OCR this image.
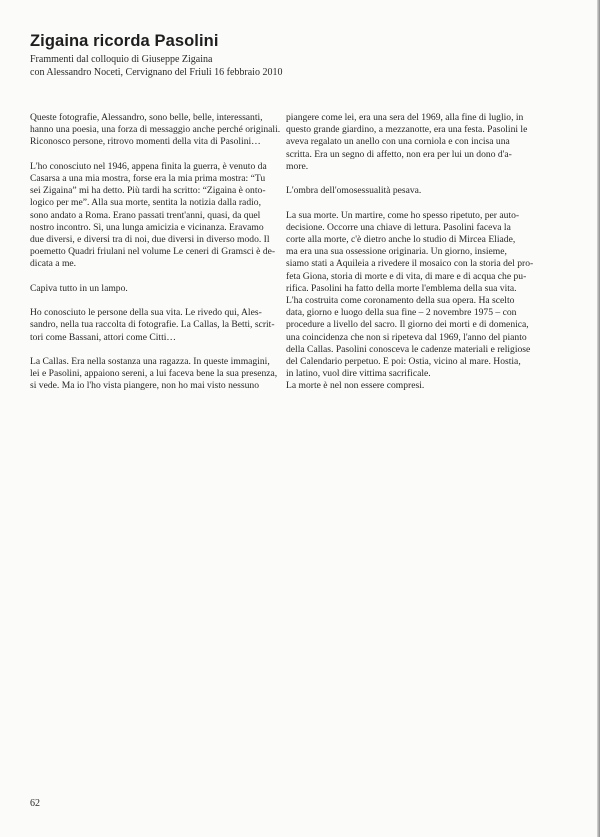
Zigaina ricorda Pasolini
Frammenti dal colloquio di Giuseppe Zigaina
con Alessandro Noceti, Cervignano del Friuli 16 febbraio 2010

Queste fotografie, Alessandro, sono belle, belle, interessanti,
hanno una poesia, una forza di messaggio anche perché originali.
Riconosco persone, ritrovo momenti della vita di Pasolini…

L'ho conosciuto nel 1946, appena finita la guerra, è venuto da
Casarsa a una mia mostra, forse era la mia prima mostra: “Tu
sei Zigaina” mi ha detto. Più tardi ha scritto: “Zigaina è onto-
logico per me”. Alla sua morte, sentita la notizia dalla radio,
sono andato a Roma. Erano passati trent'anni, quasi, da quel
nostro incontro. Sì, una lunga amicizia e vicinanza. Eravamo
due diversi, e diversi tra di noi, due diversi in diverso modo. Il
poemetto Quadri friulani nel volume Le ceneri di Gramsci è de-
dicata a me.

Capiva tutto in un lampo.

Ho conosciuto le persone della sua vita. Le rivedo qui, Ales-
sandro, nella tua raccolta di fotografie. La Callas, la Betti, scrit-
tori come Bassani, attori come Citti…

La Callas. Era nella sostanza una ragazza. In queste immagini,
lei e Pasolini, appaiono sereni, a lui faceva bene la sua presenza,
si vede. Ma io l'ho vista piangere, non ho mai visto nessuno

piangere come lei, era una sera del 1969, alla fine di luglio, in
questo grande giardino, a mezzanotte, era una festa. Pasolini le
aveva regalato un anello con una corniola e con incisa una
scritta. Era un segno di affetto, non era per lui un dono d'a-
more.

L'ombra dell'omosessualità pesava.

La sua morte. Un martire, come ho spesso ripetuto, per auto-
decisione. Occorre una chiave di lettura. Pasolini faceva la
corte alla morte, c'è dietro anche lo studio di Mircea Eliade,
ma era una sua ossessione originaria. Un giorno, insieme,
siamo stati a Aquileia a rivedere il mosaico con la storia del pro-
feta Giona, storia di morte e di vita, di mare e di acqua che pu-
rifica. Pasolini ha fatto della morte l'emblema della sua vita.
L'ha costruita come coronamento della sua opera. Ha scelto
data, giorno e luogo della sua fine – 2 novembre 1975 – con
procedure a livello del sacro. Il giorno dei morti e di domenica,
una coincidenza che non si ripeteva dal 1969, l'anno del pianto
della Callas. Pasolini conosceva le cadenze materiali e religiose
del Calendario perpetuo. E poi: Ostia, vicino al mare. Hostia,
in latino, vuol dire vittima sacrificale.
La morte è nel non essere compresi.

62
